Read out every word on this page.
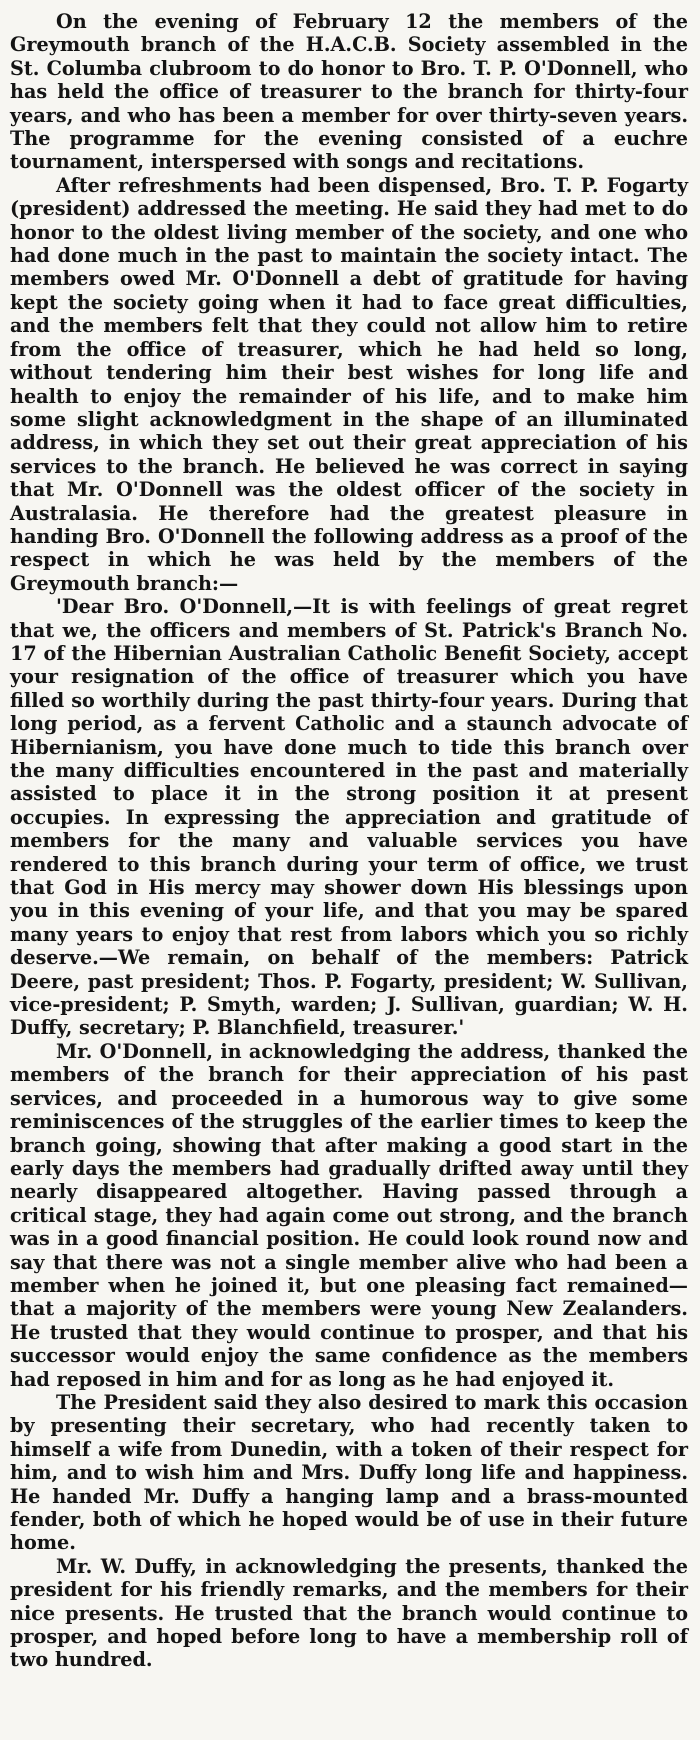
On the evening of February 12 the members of the Greymouth branch of the H.A.C.B. Society assembled in the St. Columba clubroom to do honor to Bro. T. P. O'Donnell, who has held the office of treasurer to the branch for thirty-four years, and who has been a member for over thirty-seven years. The programme for the evening consisted of a euchre tournament, interspersed with songs and recitations.

After refreshments had been dispensed, Bro. T. P. Fogarty (president) addressed the meeting. He said they had met to do honor to the oldest living member of the society, and one who had done much in the past to maintain the society intact. The members owed Mr. O'Donnell a debt of gratitude for having kept the society going when it had to face great difficulties, and the members felt that they could not allow him to retire from the office of treasurer, which he had held so long, without tendering him their best wishes for long life and health to enjoy the remainder of his life, and to make him some slight acknowledgment in the shape of an illuminated address, in which they set out their great appreciation of his services to the branch. He believed he was correct in saying that Mr. O'Donnell was the oldest officer of the society in Australasia. He therefore had the greatest pleasure in handing Bro. O'Donnell the following address as a proof of the respect in which he was held by the members of the Greymouth branch:—

'Dear Bro. O'Donnell,—It is with feelings of great regret that we, the officers and members of St. Patrick's Branch No. 17 of the Hibernian Australian Catholic Benefit Society, accept your resignation of the office of treasurer which you have filled so worthily during the past thirty-four years. During that long period, as a fervent Catholic and a staunch advocate of Hibernianism, you have done much to tide this branch over the many difficulties encountered in the past and materially assisted to place it in the strong position it at present occupies. In expressing the appreciation and gratitude of members for the many and valuable services you have rendered to this branch during your term of office, we trust that God in His mercy may shower down His blessings upon you in this evening of your life, and that you may be spared many years to enjoy that rest from labors which you so richly deserve.—We remain, on behalf of the members: Patrick Deere, past president; Thos. P. Fogarty, president; W. Sullivan, vice-president; P. Smyth, warden; J. Sullivan, guardian; W. H. Duffy, secretary; P. Blanchfield, treasurer.'

Mr. O'Donnell, in acknowledging the address, thanked the members of the branch for their appreciation of his past services, and proceeded in a humorous way to give some reminiscences of the struggles of the earlier times to keep the branch going, showing that after making a good start in the early days the members had gradually drifted away until they nearly disappeared altogether. Having passed through a critical stage, they had again come out strong, and the branch was in a good financial position. He could look round now and say that there was not a single member alive who had been a member when he joined it, but one pleasing fact remained—that a majority of the members were young New Zealanders. He trusted that they would continue to prosper, and that his successor would enjoy the same confidence as the members had reposed in him and for as long as he had enjoyed it.

The President said they also desired to mark this occasion by presenting their secretary, who had recently taken to himself a wife from Dunedin, with a token of their respect for him, and to wish him and Mrs. Duffy long life and happiness. He handed Mr. Duffy a hanging lamp and a brass-mounted fender, both of which he hoped would be of use in their future home.

Mr. W. Duffy, in acknowledging the presents, thanked the president for his friendly remarks, and the members for their nice presents. He trusted that the branch would continue to prosper, and hoped before long to have a membership roll of two hundred.
